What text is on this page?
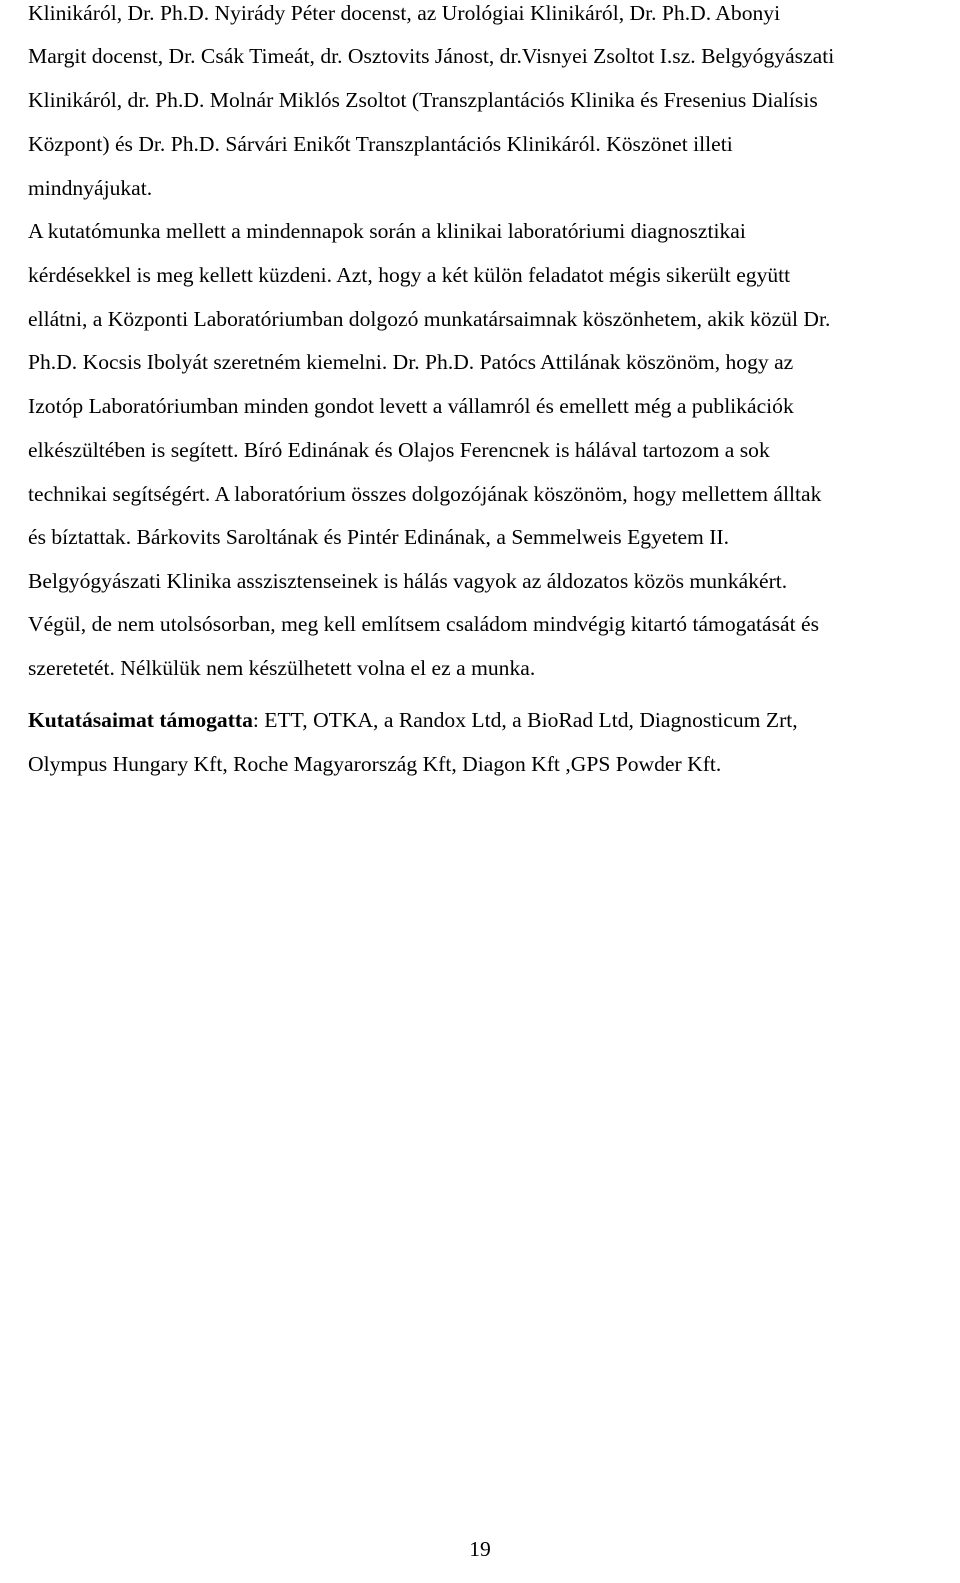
Klinikáról, Dr. Ph.D. Nyirády Péter docenst, az Urológiai Klinikáról, Dr. Ph.D. Abonyi

Margit docenst, Dr. Csák Timeát, dr. Osztovits Jánost, dr.Visnyei Zsoltot I.sz. Belgyógyászati

Klinikáról, dr. Ph.D. Molnár Miklós Zsoltot (Transzplantációs Klinika és Fresenius Dialísis

Központ) és Dr. Ph.D. Sárvári Enikőt Transzplantációs Klinikáról. Köszönet illeti

mindnyájukat.

A kutatómunka mellett a mindennapok során a klinikai laboratóriumi diagnosztikai

kérdésekkel is meg kellett küzdeni. Azt, hogy a két külön feladatot mégis sikerült együtt

ellátni, a Központi Laboratóriumban dolgozó munkatársaimnak köszönhetem, akik közül Dr.

Ph.D. Kocsis Ibolyát szeretném kiemelni. Dr. Ph.D. Patócs Attilának köszönöm, hogy az

Izotóp Laboratóriumban minden gondot levett a vállamról és emellett még a publikációk

elkészültében is segített. Bíró Edinának és Olajos Ferencnek is hálával tartozom a sok

technikai segítségért. A laboratórium összes dolgozójának köszönöm, hogy mellettem álltak

és bíztattak. Bárkovits Saroltának és Pintér Edinának, a Semmelweis Egyetem II.

Belgyógyászati Klinika asszisztenseinek is hálás vagyok az áldozatos közös munkákért.

Végül, de nem utolsósorban, meg kell említsem családom mindvégig kitartó támogatását és

szeretetét. Nélkülük nem készülhetett volna el ez a munka.

Kutatásaimat támogatta: ETT, OTKA, a Randox Ltd, a BioRad Ltd, Diagnosticum Zrt,

Olympus Hungary Kft, Roche Magyarország Kft, Diagon Kft ,GPS Powder Kft.

19
